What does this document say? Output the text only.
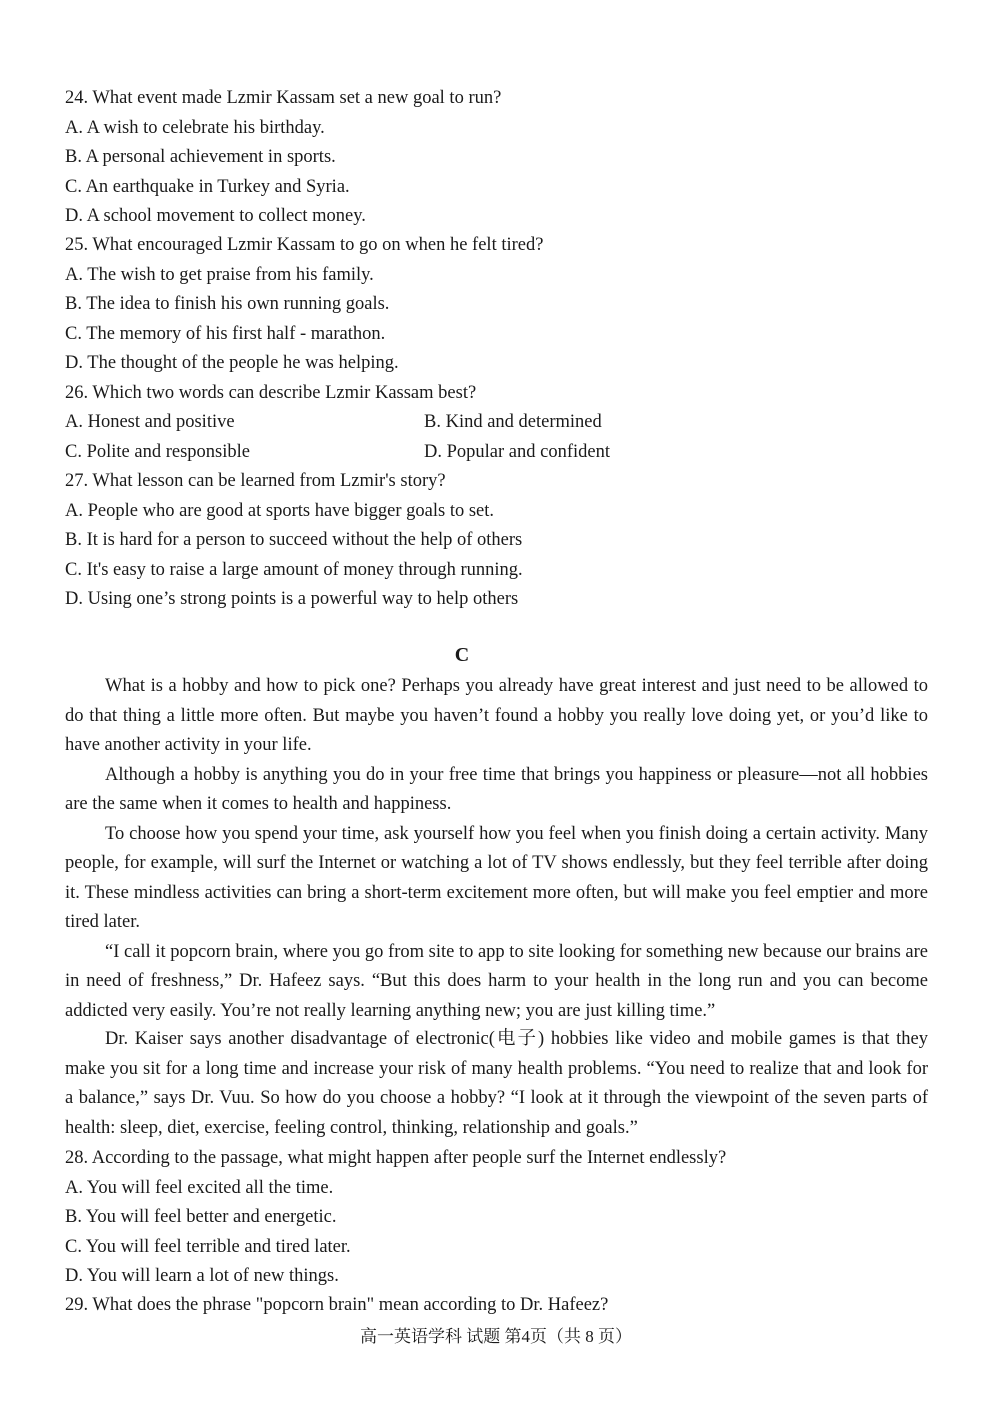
24. What event made Lzmir Kassam set a new goal to run?
A. A wish to celebrate his birthday.
B. A personal achievement in sports.
C. An earthquake in Turkey and Syria.
D. A school movement to collect money.
25. What encouraged Lzmir Kassam to go on when he felt tired?
A. The wish to get praise from his family.
B. The idea to finish his own running goals.
C. The memory of his first half - marathon.
D. The thought of the people he was helping.
26. Which two words can describe Lzmir Kassam best?
A. Honest and positive	B. Kind and determined
C. Polite and responsible	D. Popular and confident
27. What lesson can be learned from Lzmir's story?
A. People who are good at sports have bigger goals to set.
B. It is hard for a person to succeed without the help of others
C. It's easy to raise a large amount of money through running.
D. Using one’s strong points is a powerful way to help others
C

What is a hobby and how to pick one? Perhaps you already have great interest and just need to be allowed to do that thing a little more often. But maybe you haven’t found a hobby you really love doing yet, or you’d like to have another activity in your life.

Although a hobby is anything you do in your free time that brings you happiness or pleasure—not all hobbies are the same when it comes to health and happiness.

To choose how you spend your time, ask yourself how you feel when you finish doing a certain activity. Many people, for example, will surf the Internet or watching a lot of TV shows endlessly, but they feel terrible after doing it. These mindless activities can bring a short-term excitement more often, but will make you feel emptier and more tired later.

“I call it popcorn brain, where you go from site to app to site looking for something new because our brains are in need of freshness,” Dr. Hafeez says. “But this does harm to your health in the long run and you can become addicted very easily. You’re not really learning anything new; you are just killing time.”

Dr. Kaiser says another disadvantage of electronic(电子) hobbies like video and mobile games is that they make you sit for a long time and increase your risk of many health problems. “You need to realize that and look for a balance,” says Dr. Vuu. So how do you choose a hobby? “I look at it through the viewpoint of the seven parts of health: sleep, diet, exercise, feeling control, thinking, relationship and goals.”

28. According to the passage, what might happen after people surf the Internet endlessly?
A. You will feel excited all the time.
B. You will feel better and energetic.
C. You will feel terrible and tired later.
D. You will learn a lot of new things.
29. What does the phrase "popcorn brain" mean according to Dr. Hafeez?
高一英语学科 试题 第4页（共 8 页）
